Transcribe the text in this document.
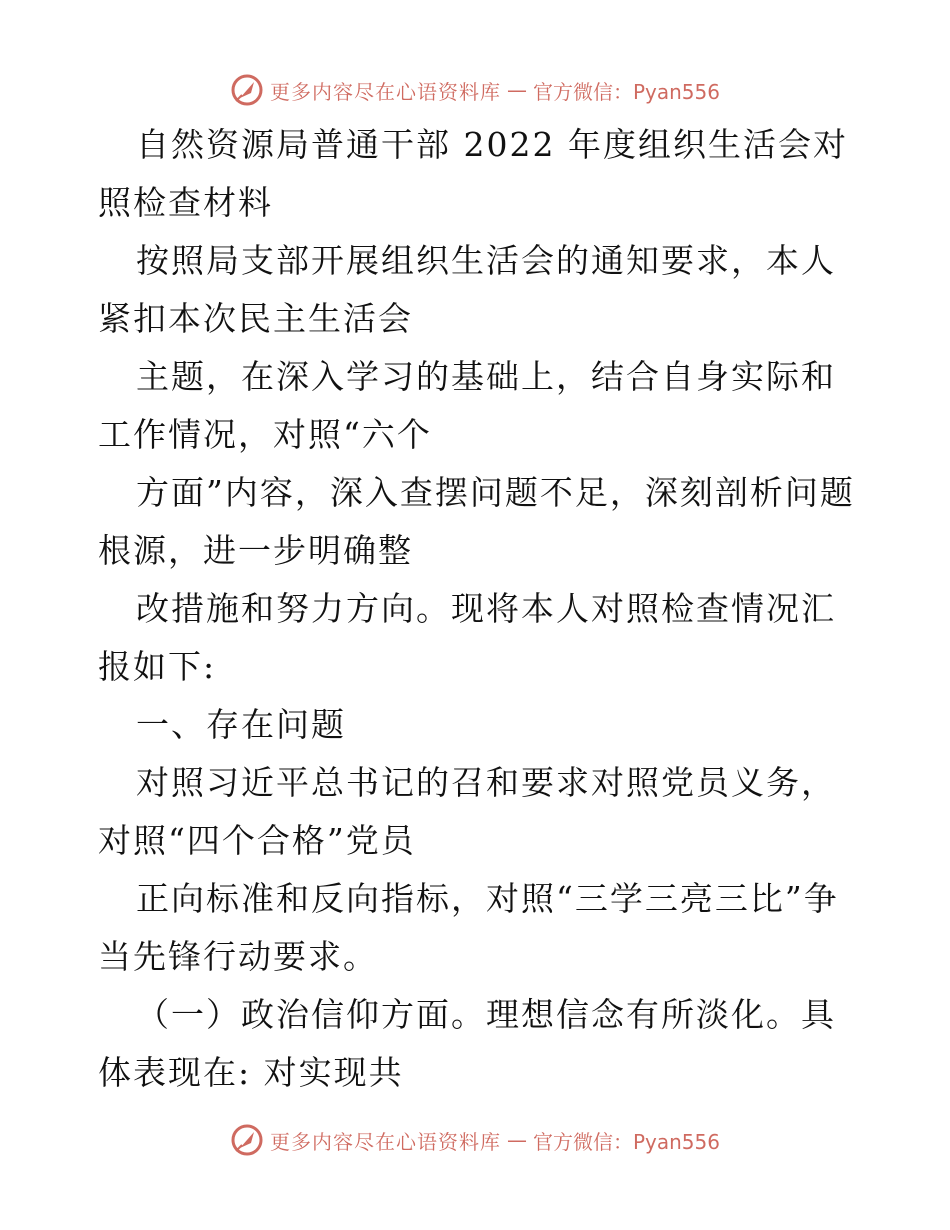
更多内容尽在心语资料库 — 官方微信：Pyan556

自然资源局普通干部 2022 年度组织生活会对照检查材料

按照局支部开展组织生活会的通知要求，本人紧扣本次民主生活会

主题，在深入学习的基础上，结合自身实际和工作情况，对照“六个

方面”内容，深入查摆问题不足，深刻剖析问题根源，进一步明确整

改措施和努力方向。现将本人对照检查情况汇报如下:

一、存在问题

对照习近平总书记的召和要求对照党员义务，对照“四个合格”党员

正向标准和反向指标，对照“三学三亮三比”争当先锋行动要求。

（一）政治信仰方面。理想信念有所淡化。具体表现在: 对实现共

更多内容尽在心语资料库 — 官方微信：Pyan556
